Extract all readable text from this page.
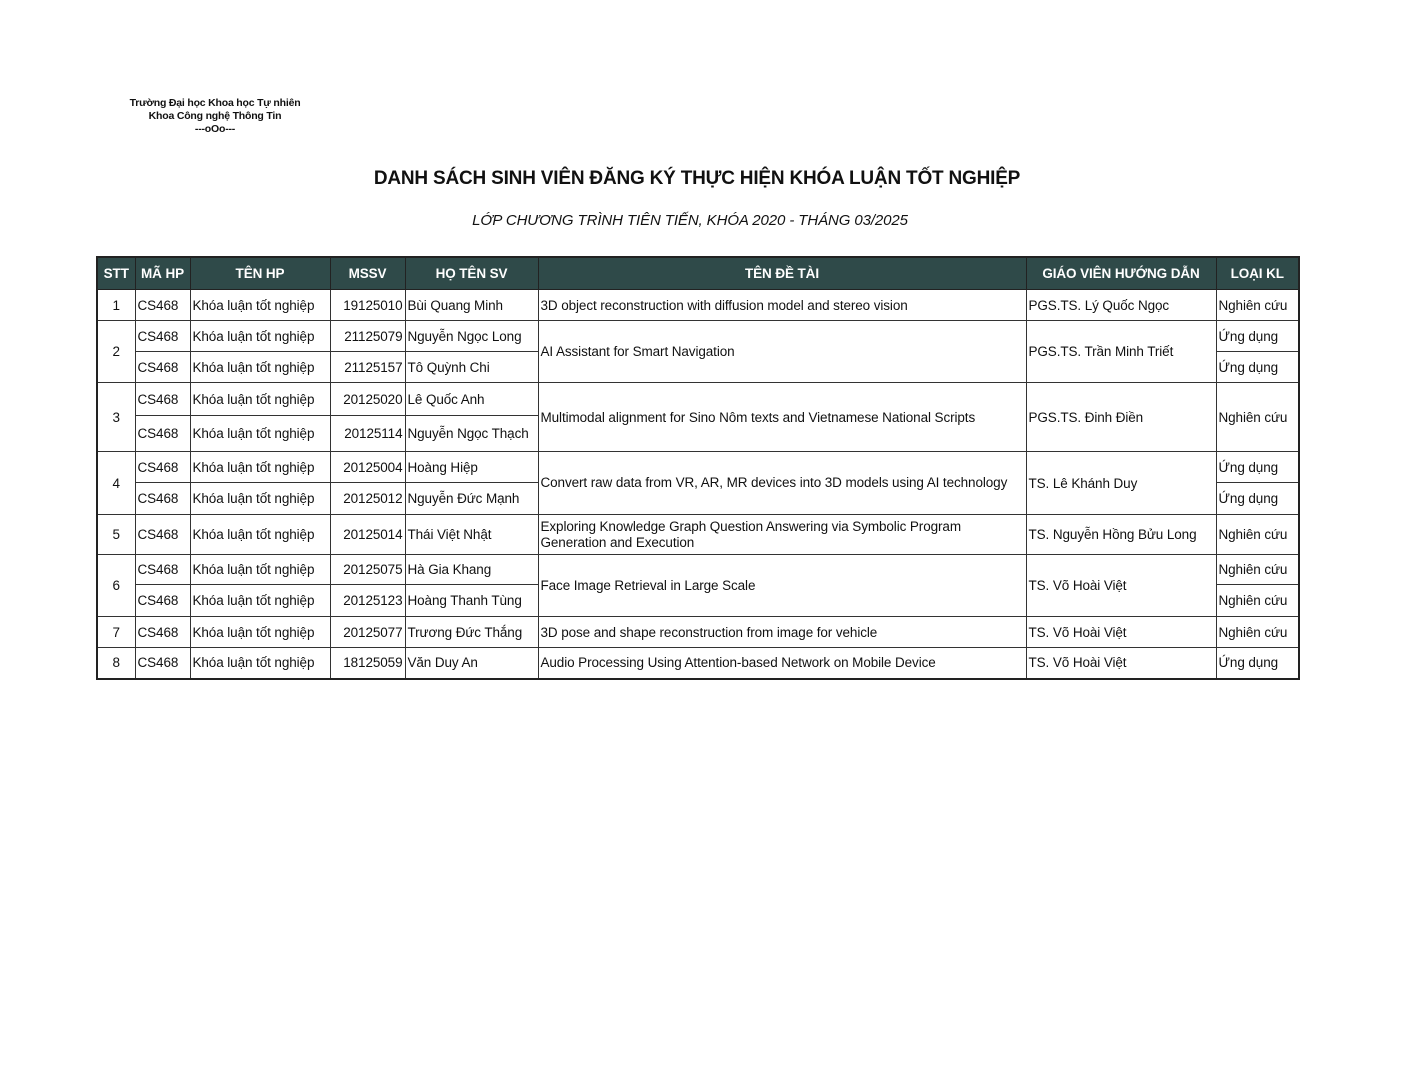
Trường Đại học Khoa học Tự nhiên
Khoa Công nghệ Thông Tin
---oOo---
DANH SÁCH SINH VIÊN ĐĂNG KÝ THỰC HIỆN KHÓA LUẬN TỐT NGHIỆP
LỚP CHƯƠNG TRÌNH TIÊN TIẾN, KHÓA 2020 - THÁNG 03/2025
STT	MÃ HP	TÊN HP	MSSV	HỌ TÊN SV	TÊN ĐỀ TÀI	GIÁO VIÊN HƯỚNG DẪN	LOẠI KL
1	CS468	Khóa luận tốt nghiệp	19125010	Bùi Quang Minh	3D object reconstruction with diffusion model and stereo vision	PGS.TS. Lý Quốc Ngọc	Nghiên cứu
2	CS468	Khóa luận tốt nghiệp	21125079	Nguyễn Ngọc Long	AI Assistant for Smart Navigation	PGS.TS. Trần Minh Triết	Ứng dụng
	CS468	Khóa luận tốt nghiệp	21125157	Tô Quỳnh Chi			Ứng dụng
3	CS468	Khóa luận tốt nghiệp	20125020	Lê Quốc Anh	Multimodal alignment for Sino Nôm texts and Vietnamese National Scripts	PGS.TS. Đinh Điền	Nghiên cứu
	CS468	Khóa luận tốt nghiệp	20125114	Nguyễn Ngọc Thạch			
4	CS468	Khóa luận tốt nghiệp	20125004	Hoàng Hiệp	Convert raw data from VR, AR, MR devices into 3D models using AI technology	TS. Lê Khánh Duy	Ứng dụng
	CS468	Khóa luận tốt nghiệp	20125012	Nguyễn Đức Mạnh			Ứng dụng
5	CS468	Khóa luận tốt nghiệp	20125014	Thái Việt Nhật	Exploring Knowledge Graph Question Answering via Symbolic Program Generation and Execution	TS. Nguyễn Hồng Bửu Long	Nghiên cứu
6	CS468	Khóa luận tốt nghiệp	20125075	Hà Gia Khang	Face Image Retrieval in Large Scale	TS. Võ Hoài Việt	Nghiên cứu
	CS468	Khóa luận tốt nghiệp	20125123	Hoàng Thanh Tùng			Nghiên cứu
7	CS468	Khóa luận tốt nghiệp	20125077	Trương Đức Thắng	3D pose and shape reconstruction from image for vehicle	TS. Võ Hoài Việt	Nghiên cứu
8	CS468	Khóa luận tốt nghiệp	18125059	Văn Duy An	Audio Processing Using Attention-based Network on Mobile Device	TS. Võ Hoài Việt	Ứng dụng
